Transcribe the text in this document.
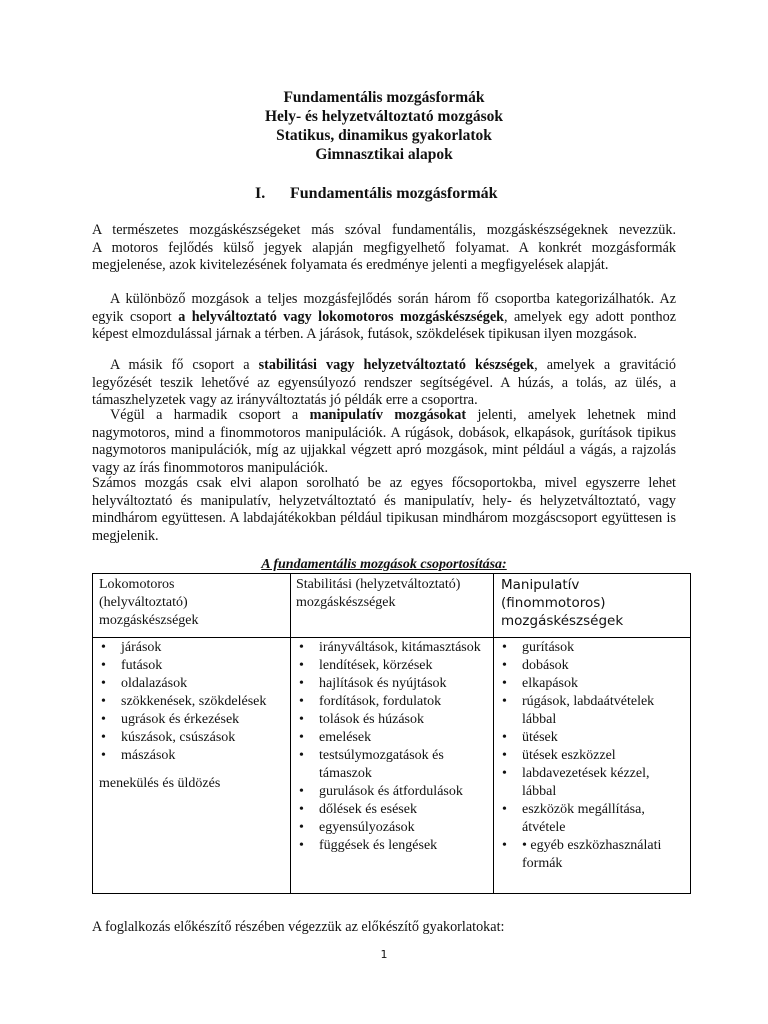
Fundamentális mozgásformák
Hely- és helyzetváltoztató mozgások
Statikus, dinamikus gyakorlatok
Gimnasztikai alapok
I. Fundamentális mozgásformák
A természetes mozgáskészségeket más szóval fundamentális, mozgáskészségeknek nevezzük.
A motoros fejlődés külső jegyek alapján megfigyelhető folyamat. A konkrét mozgásformák
megjelenése, azok kivitelezésének folyamata és eredménye jelenti a megfigyelések alapját.

A különböző mozgások a teljes mozgásfejlődés során három fő csoportba kategorizálhatók. Az egyik csoport a helyváltoztató vagy lokomotoros mozgáskészségek, amelyek egy adott ponthoz képest elmozdulással járnak a térben. A járások, futások, szökdelések tipikusan ilyen mozgások.

A másik fő csoport a stabilitási vagy helyzetváltoztató készségek, amelyek a gravitáció legyőzését teszik lehetővé az egyensúlyozó rendszer segítségével. A húzás, a tolás, az ülés, a támaszhelyzetek vagy az irányváltoztatás jó példák erre a csoportra.

Végül a harmadik csoport a manipulatív mozgásokat jelenti, amelyek lehetnek mind nagymotoros, mind a finommotoros manipulációk. A rúgások, dobások, elkapások, gurítások tipikus nagymotoros manipulációk, míg az ujjakkal végzett apró mozgások, mint például a vágás, a rajzolás vagy az írás finommotoros manipulációk.

Számos mozgás csak elvi alapon sorolható be az egyes főcsoportokba, mivel egyszerre lehet helyváltoztató és manipulatív, helyzetváltoztató és manipulatív, hely- és helyzetváltoztató, vagy mindhárom együttesen. A labdajátékokban például tipikusan mindhárom mozgáscsoport együttesen is megjelenik.

A fundamentális mozgások csoportosítása:
Lokomotoros
(helyváltoztató)
mozgáskészségek
Stabilitási (helyzetváltoztató)
mozgáskészségek
Manipulatív
(finommotoros)
mozgáskészségek
• járások
• futások
• oldalazások
• szökkenések, szökdelések
• ugrások és érkezések
• kúszások, csúszások
• mászások
menekülés és üldözés
• irányváltások, kitámasztások
• lendítések, körzések
• hajlítások és nyújtások
• fordítások, fordulatok
• tolások és húzások
• emelések
• testsúlymozgatások és támaszok
• gurulások és átfordulások
• dőlések és esések
• egyensúlyozások
• függések és lengések
• gurítások
• dobások
• elkapások
• rúgások, labdaátvételek lábbal
• ütések
• ütések eszközzel
• labdavezetések kézzel, lábbal
• eszközök megállítása, átvétele
• • egyéb eszközhasználati formák
A foglalkozás előkészítő részében végezzük az előkészítő gyakorlatokat:
1
